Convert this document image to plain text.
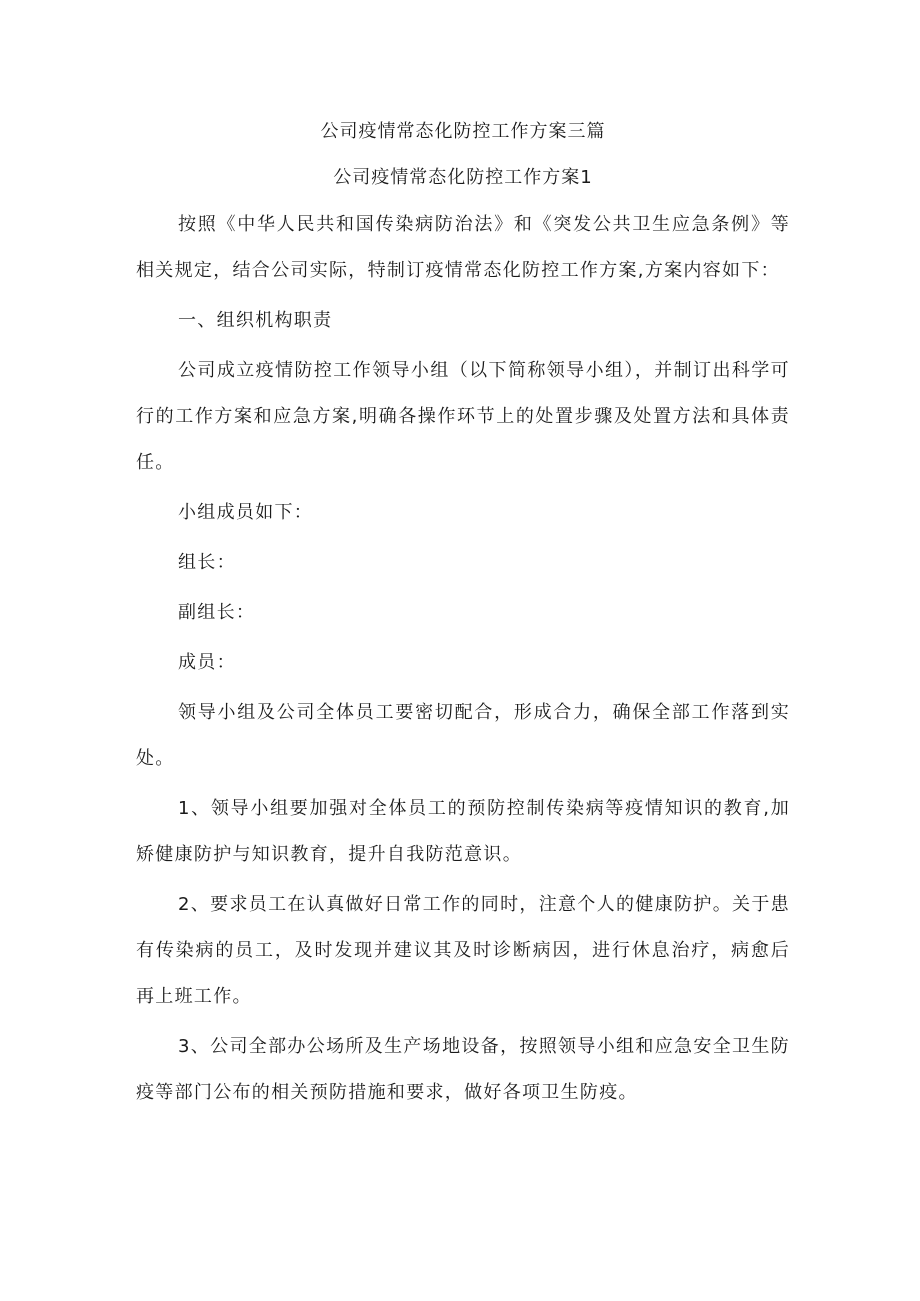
公司疫情常态化防控工作方案三篇
公司疫情常态化防控工作方案1

按照《中华人民共和国传染病防治法》和《突发公共卫生应急条例》等相关规定，结合公司实际，特制订疫情常态化防控工作方案,方案内容如下：

一、组织机构职责

公司成立疫情防控工作领导小组（以下简称领导小组），并制订出科学可行的工作方案和应急方案,明确各操作环节上的处置步骤及处置方法和具体责任。

小组成员如下：

组长：

副组长：

成员：

领导小组及公司全体员工要密切配合，形成合力，确保全部工作落到实处。

1、领导小组要加强对全体员工的预防控制传染病等疫情知识的教育,加矫健康防护与知识教育，提升自我防范意识。

2、要求员工在认真做好日常工作的同时，注意个人的健康防护。关于患有传染病的员工，及时发现并建议其及时诊断病因，进行休息治疗，病愈后再上班工作。

3、公司全部办公场所及生产场地设备，按照领导小组和应急安全卫生防疫等部门公布的相关预防措施和要求，做好各项卫生防疫。
